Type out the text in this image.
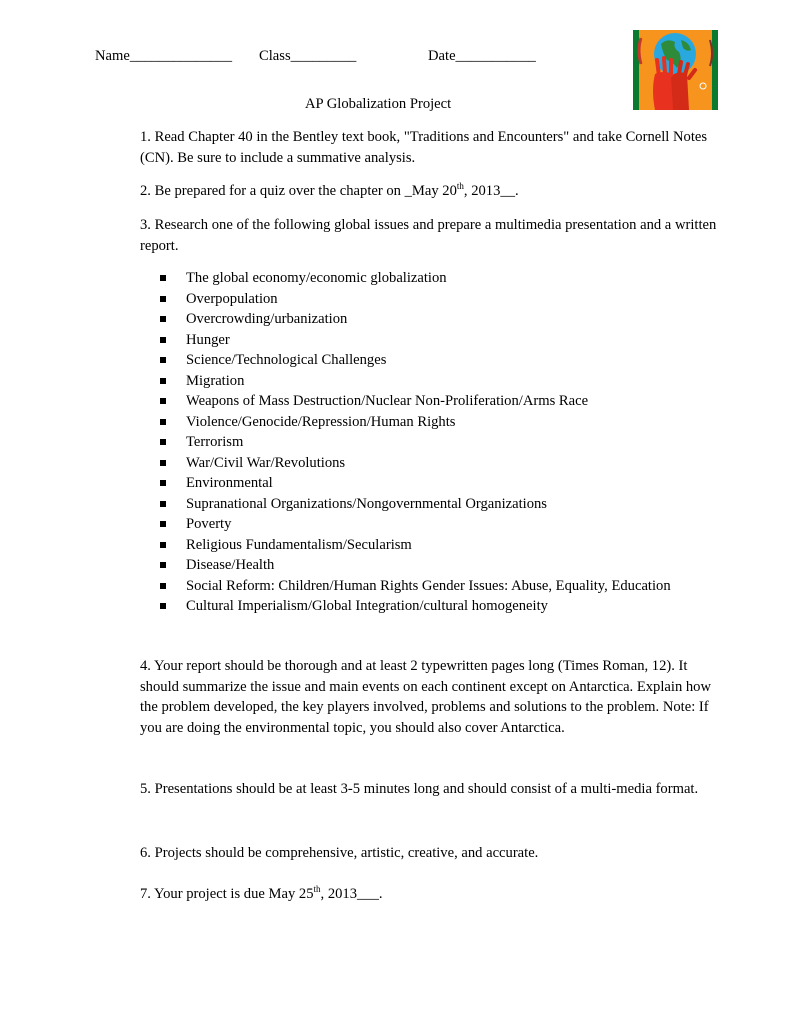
Name______________ Class_________	Date___________
AP Globalization Project
1. Read Chapter 40 in the Bentley text book, "Traditions and Encounters" and take Cornell Notes (CN). Be sure to include a summative analysis.
2. Be prepared for a quiz over the chapter on _May 20th, 2013__.
3. Research one of the following global issues and prepare a multimedia presentation and a written report.
The global economy/economic globalization
Overpopulation
Overcrowding/urbanization
Hunger
Science/Technological Challenges
Migration
Weapons of Mass Destruction/Nuclear Non-Proliferation/Arms Race
Violence/Genocide/Repression/Human Rights
Terrorism
War/Civil War/Revolutions
Environmental
Supranational Organizations/Nongovernmental Organizations
Poverty
Religious Fundamentalism/Secularism
Disease/Health
Social Reform: Children/Human Rights Gender Issues: Abuse, Equality, Education
Cultural Imperialism/Global Integration/cultural homogeneity
4. Your report should be thorough and at least 2 typewritten pages long (Times Roman, 12). It should summarize the issue and main events on each continent except on Antarctica. Explain how the problem developed, the key players involved, problems and solutions to the problem. Note: If you are doing the environmental topic, you should also cover Antarctica.
5. Presentations should be at least 3-5 minutes long and should consist of a multi-media format.
6. Projects should be comprehensive, artistic, creative, and accurate.
7. Your project is due May 25th, 2013___.
